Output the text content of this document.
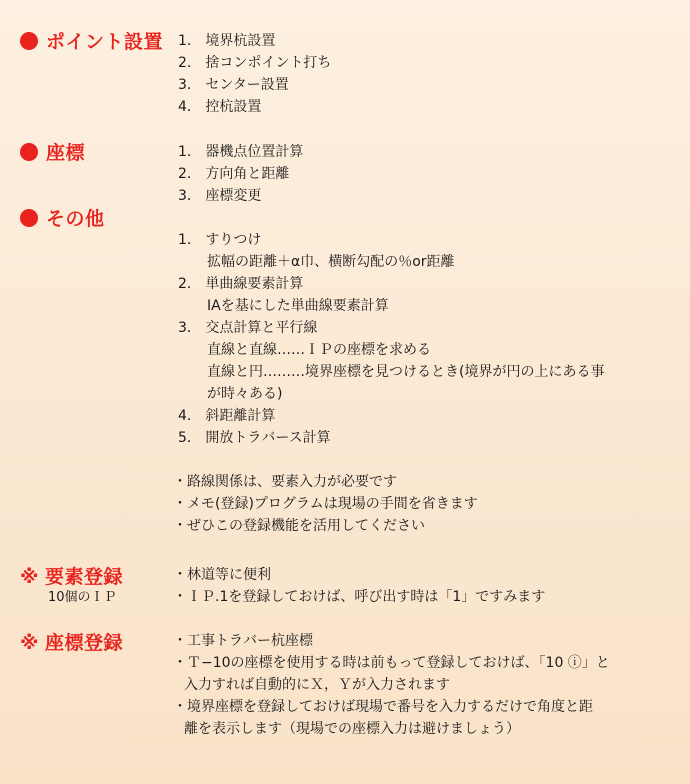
ポイント設置 1． 境界杭設置
2． 捨コンポイント打ち
3． センター設置
4． 控杭設置
座標	1． 器機点位置計算
2． 方向角と距離
3． 座標変更
その他
1． すりつけ
拡幅の距離＋α巾、横断勾配の％or距離
2． 単曲線要素計算
IAを基にした単曲線要素計算
3． 交点計算と平行線
直線と直線……ＩＰの座標を求める
直線と円………境界座標を見つけるとき(境界が円の上にある事
が時々ある)
4． 斜距離計算
5． 開放トラバース計算
・路線関係は、要素入力が必要です
・メモ(登録)プログラムは現場の手間を省きます
・ぜひこの登録機能を活用してください
※ 要素登録
10個のＩＰ
・林道等に便利
・ＩＰ.1を登録しておけば、呼び出す時は「1」ですみます
※ 座標登録	・工事トラバー杭座標
・Ｔ−10の座標を使用する時は前もって登録しておけば、「10 ⓘ」と
入力すれば自動的にＸ，Ｙが入力されます
・境界座標を登録しておけば現場で番号を入力するだけで角度と距
離を表示します（現場での座標入力は避けましょう）
